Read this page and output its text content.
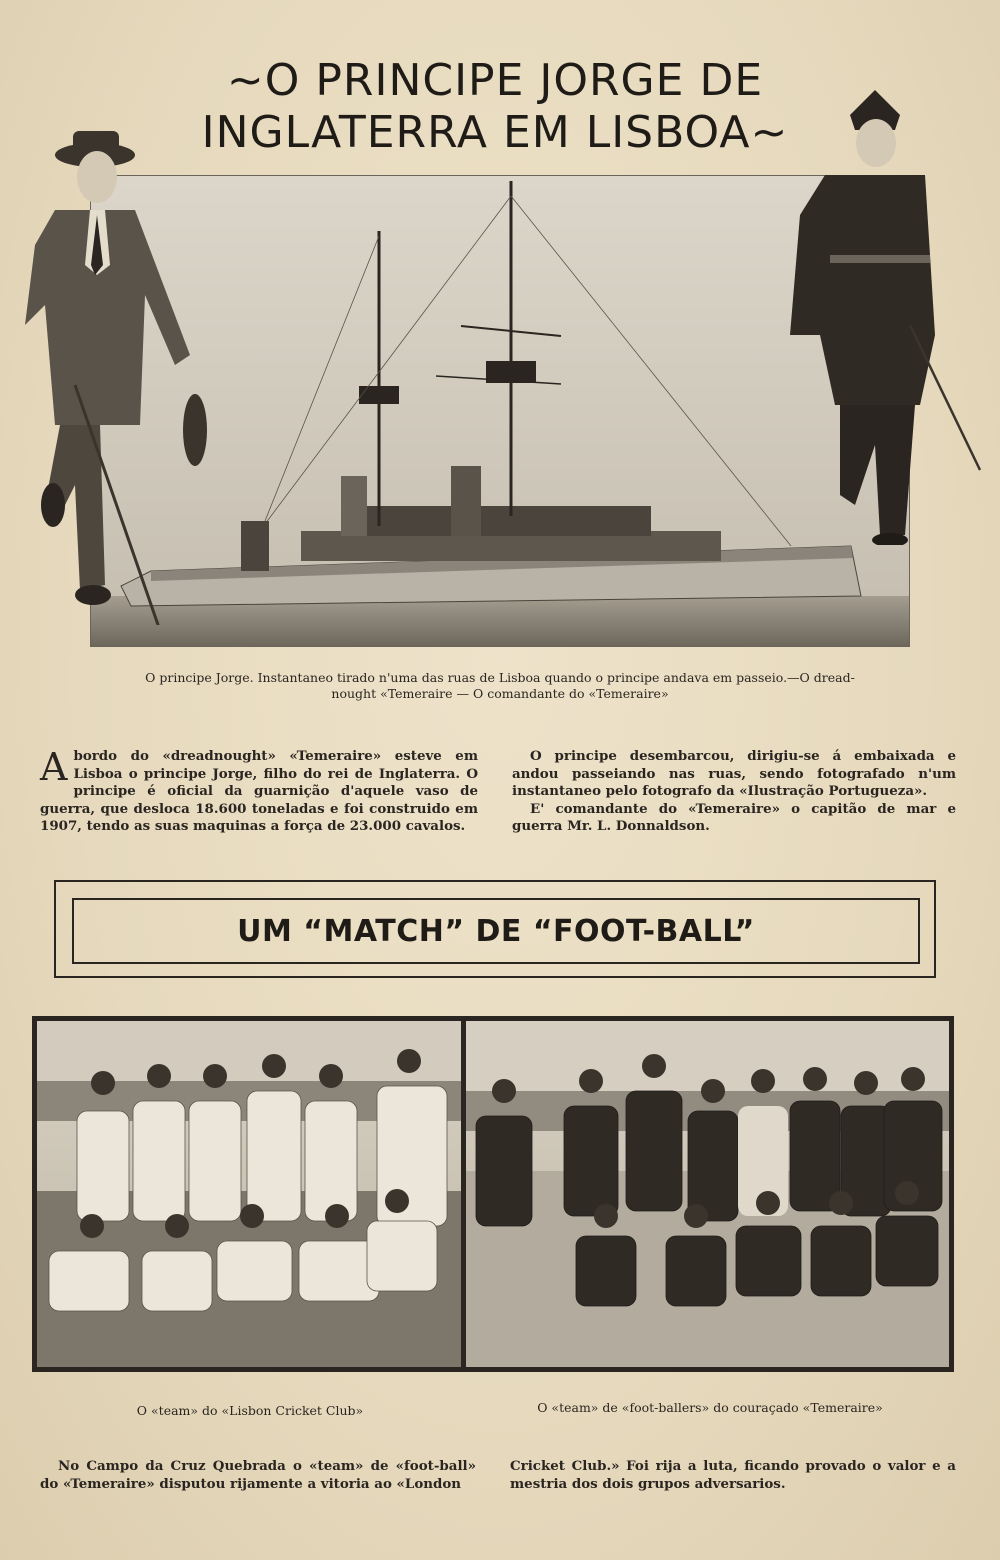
~O PRINCIPE JORGE DE
INGLATERRA EM LISBOA~
O principe Jorge. Instantaneo tirado n'uma das ruas de Lisboa quando o principe andava em passeio.—O dread-
nought «Temeraire — O comandante do «Temeraire»
A bordo do «dreadnought» «Temeraire» esteve em Lisboa o principe Jorge, filho do rei de Inglaterra. O principe é oficial da guarnição d'aquele vaso de guerra, que desloca 18.600 toneladas e foi construido em 1907, tendo as suas maquinas a força de 23.000 cavalos.
O principe desembarcou, dirigiu-se á embaixada e andou passeiando nas ruas, sendo fotografado n'um instantaneo pelo fotografo da «Ilustração Portugueza».
E' comandante do «Temeraire» o capitão de mar e guerra Mr. L. Donnaldson.
UM “MATCH” DE “FOOT-BALL”
O «team» do «Lisbon Cricket Club»	O «team» de «foot-ballers» do couraçado «Temeraire»
No Campo da Cruz Quebrada o «team» de «foot-ball» do «Temeraire» disputou rijamente a vitoria ao «London
Cricket Club.» Foi rija a luta, ficando provado o valor e a mestria dos dois grupos adversarios.
